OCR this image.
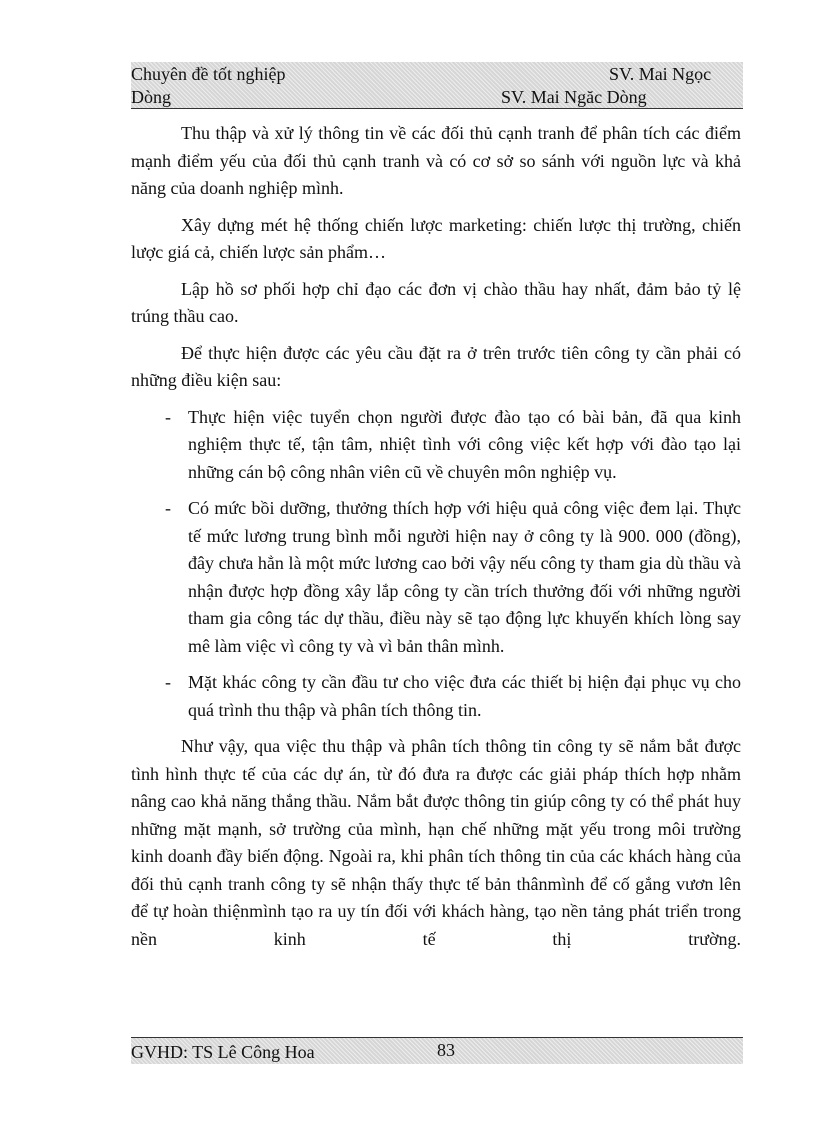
Chuyên đề tốt nghiệp	SV. Mai Ngọc
Dòng	SV. Mai Ngăc Dòng

Thu thập và xử lý thông tin về các đối thủ cạnh tranh để phân tích các điểm mạnh điểm yếu của đối thủ cạnh tranh và có cơ sở so sánh với nguồn lực và khả năng của doanh nghiệp mình.

Xây dựng mét hệ thống chiến lược marketing: chiến lược thị trường, chiến lược giá cả, chiến lược sản phẩm…

Lập hồ sơ phối hợp chỉ đạo các đơn vị chào thầu hay nhất, đảm bảo tỷ lệ trúng thầu cao.

Để thực hiện được các yêu cầu đặt ra ở trên trước tiên công ty cần phải có những điều kiện sau:

- Thực hiện việc tuyển chọn người được đào tạo có bài bản, đã qua kinh nghiệm thực tế, tận tâm, nhiệt tình với công việc kết hợp với đào tạo lại những cán bộ công nhân viên cũ về chuyên môn nghiệp vụ.
- Có mức bồi dưỡng, thưởng thích hợp với hiệu quả công việc đem lại. Thực tế mức lương trung bình mỗi người hiện nay ở công ty là 900. 000 (đồng), đây chưa hẳn là một mức lương cao bởi vậy nếu công ty tham gia dù thầu và nhận được hợp đồng xây lắp công ty cần trích thưởng đối với những người tham gia công tác dự thầu, điều này sẽ tạo động lực khuyến khích lòng say mê làm việc vì công ty và vì bản thân mình.
- Mặt khác công ty cần đầu tư cho việc đưa các thiết bị hiện đại phục vụ cho quá trình thu thập và phân tích thông tin.

Như vậy, qua việc thu thập và phân tích thông tin công ty sẽ nắm bắt được tình hình thực tế của các dự án, từ đó đưa ra được các giải pháp thích hợp nhằm nâng cao khả năng thắng thầu. Nắm bắt được thông tin giúp công ty có thể phát huy những mặt mạnh, sở trường của mình, hạn chế những mặt yếu trong môi trường kinh doanh đầy biến động. Ngoài ra, khi phân tích thông tin của các khách hàng của đối thủ cạnh tranh công ty sẽ nhận thấy thực tế bản thânmình để cố gắng vươn lên để tự hoàn thiệnmình tạo ra uy tín đối với khách hàng, tạo nền tảng phát triển trong nền kinh tế thị trường.

GVHD: TS Lê Công Hoa	83
